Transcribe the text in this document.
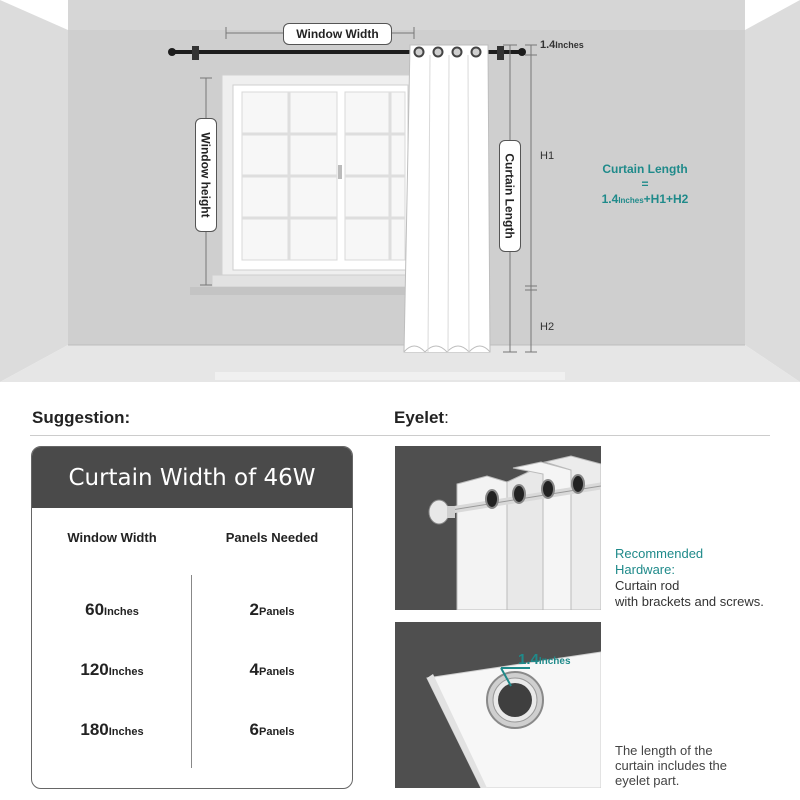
Window Width
Window height	Curtain Length
1.4Inches
H1
H2
Curtain Length
=
1.4Inches+H1+H2
Suggestion:
Curtain Width of 46W
Window Width	Panels Needed
60Inches	2Panels
120Inches	4Panels
180Inches	6Panels
Eyelet:
1.4Inches
Recommended
Hardware:
Curtain rod
with brackets and screws.
The length of the
curtain includes the
eyelet part.
